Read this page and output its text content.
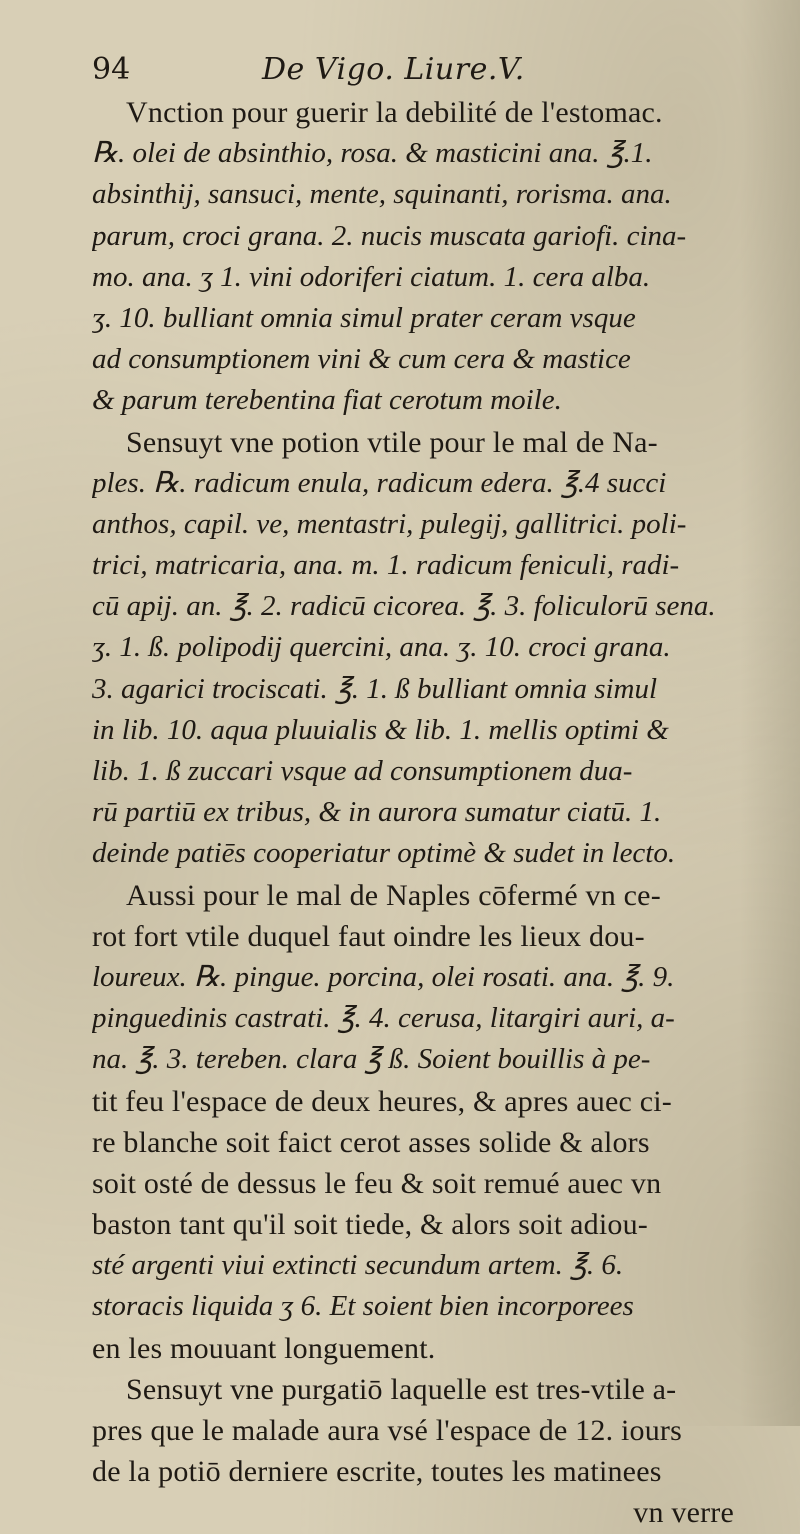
94	De Vigo. Liure.V.
Vnction pour guerir la debilité de l'estomac.
℞. olei de absinthio, rosa. & masticini ana. ℥.1.
absinthij, sansuci, mente, squinanti, rorisma. ana.
parum, croci grana. 2. nucis muscata gariofi. cina-
mo. ana. ʒ 1. vini odoriferi ciatum. 1. cera alba.
ʒ. 10. bulliant omnia simul prater ceram vsque
ad consumptionem vini & cum cera & mastice
& parum terebentina fiat cerotum moile.
Sensuyt vne potion vtile pour le mal de Na-
ples. ℞. radicum enula, radicum edera. ℥.4 succi
anthos, capil. ve, mentastri, pulegij, gallitrici. poli-
trici, matricaria, ana. m. 1. radicum feniculi, radi-
cū apij. an. ℥. 2. radicū cicorea. ℥. 3. foliculorū sena.
ʒ. 1. ß. polipodij quercini, ana. ʒ. 10. croci grana.
3. agarici trociscati. ℥. 1. ß bulliant omnia simul
in lib. 10. aqua pluuialis & lib. 1. mellis optimi &
lib. 1. ß zuccari vsque ad consumptionem dua-
rū partiū ex tribus, & in aurora sumatur ciatū. 1.
deinde patiēs cooperiatur optimè & sudet in lecto.
Aussi pour le mal de Naples cōfermé vn ce-
rot fort vtile duquel faut oindre les lieux dou-
loureux. ℞. pingue. porcina, olei rosati. ana. ℥. 9.
pinguedinis castrati. ℥. 4. cerusa, litargiri auri, a-
na. ℥. 3. tereben. clara ℥ ß. Soient bouillis à pe-
tit feu l'espace de deux heures, & apres auec ci-
re blanche soit faict cerot asses solide & alors
soit osté de dessus le feu & soit remué auec vn
baston tant qu'il soit tiede, & alors soit adiou-
sté argenti viui extincti secundum artem. ℥. 6.
storacis liquida ʒ 6. Et soient bien incorporees
en les mouuant longuement.
Sensuyt vne purgatiō laquelle est tres-vtile a-
pres que le malade aura vsé l'espace de 12. iours
de la potiō derniere escrite, toutes les matinees
vn verre
